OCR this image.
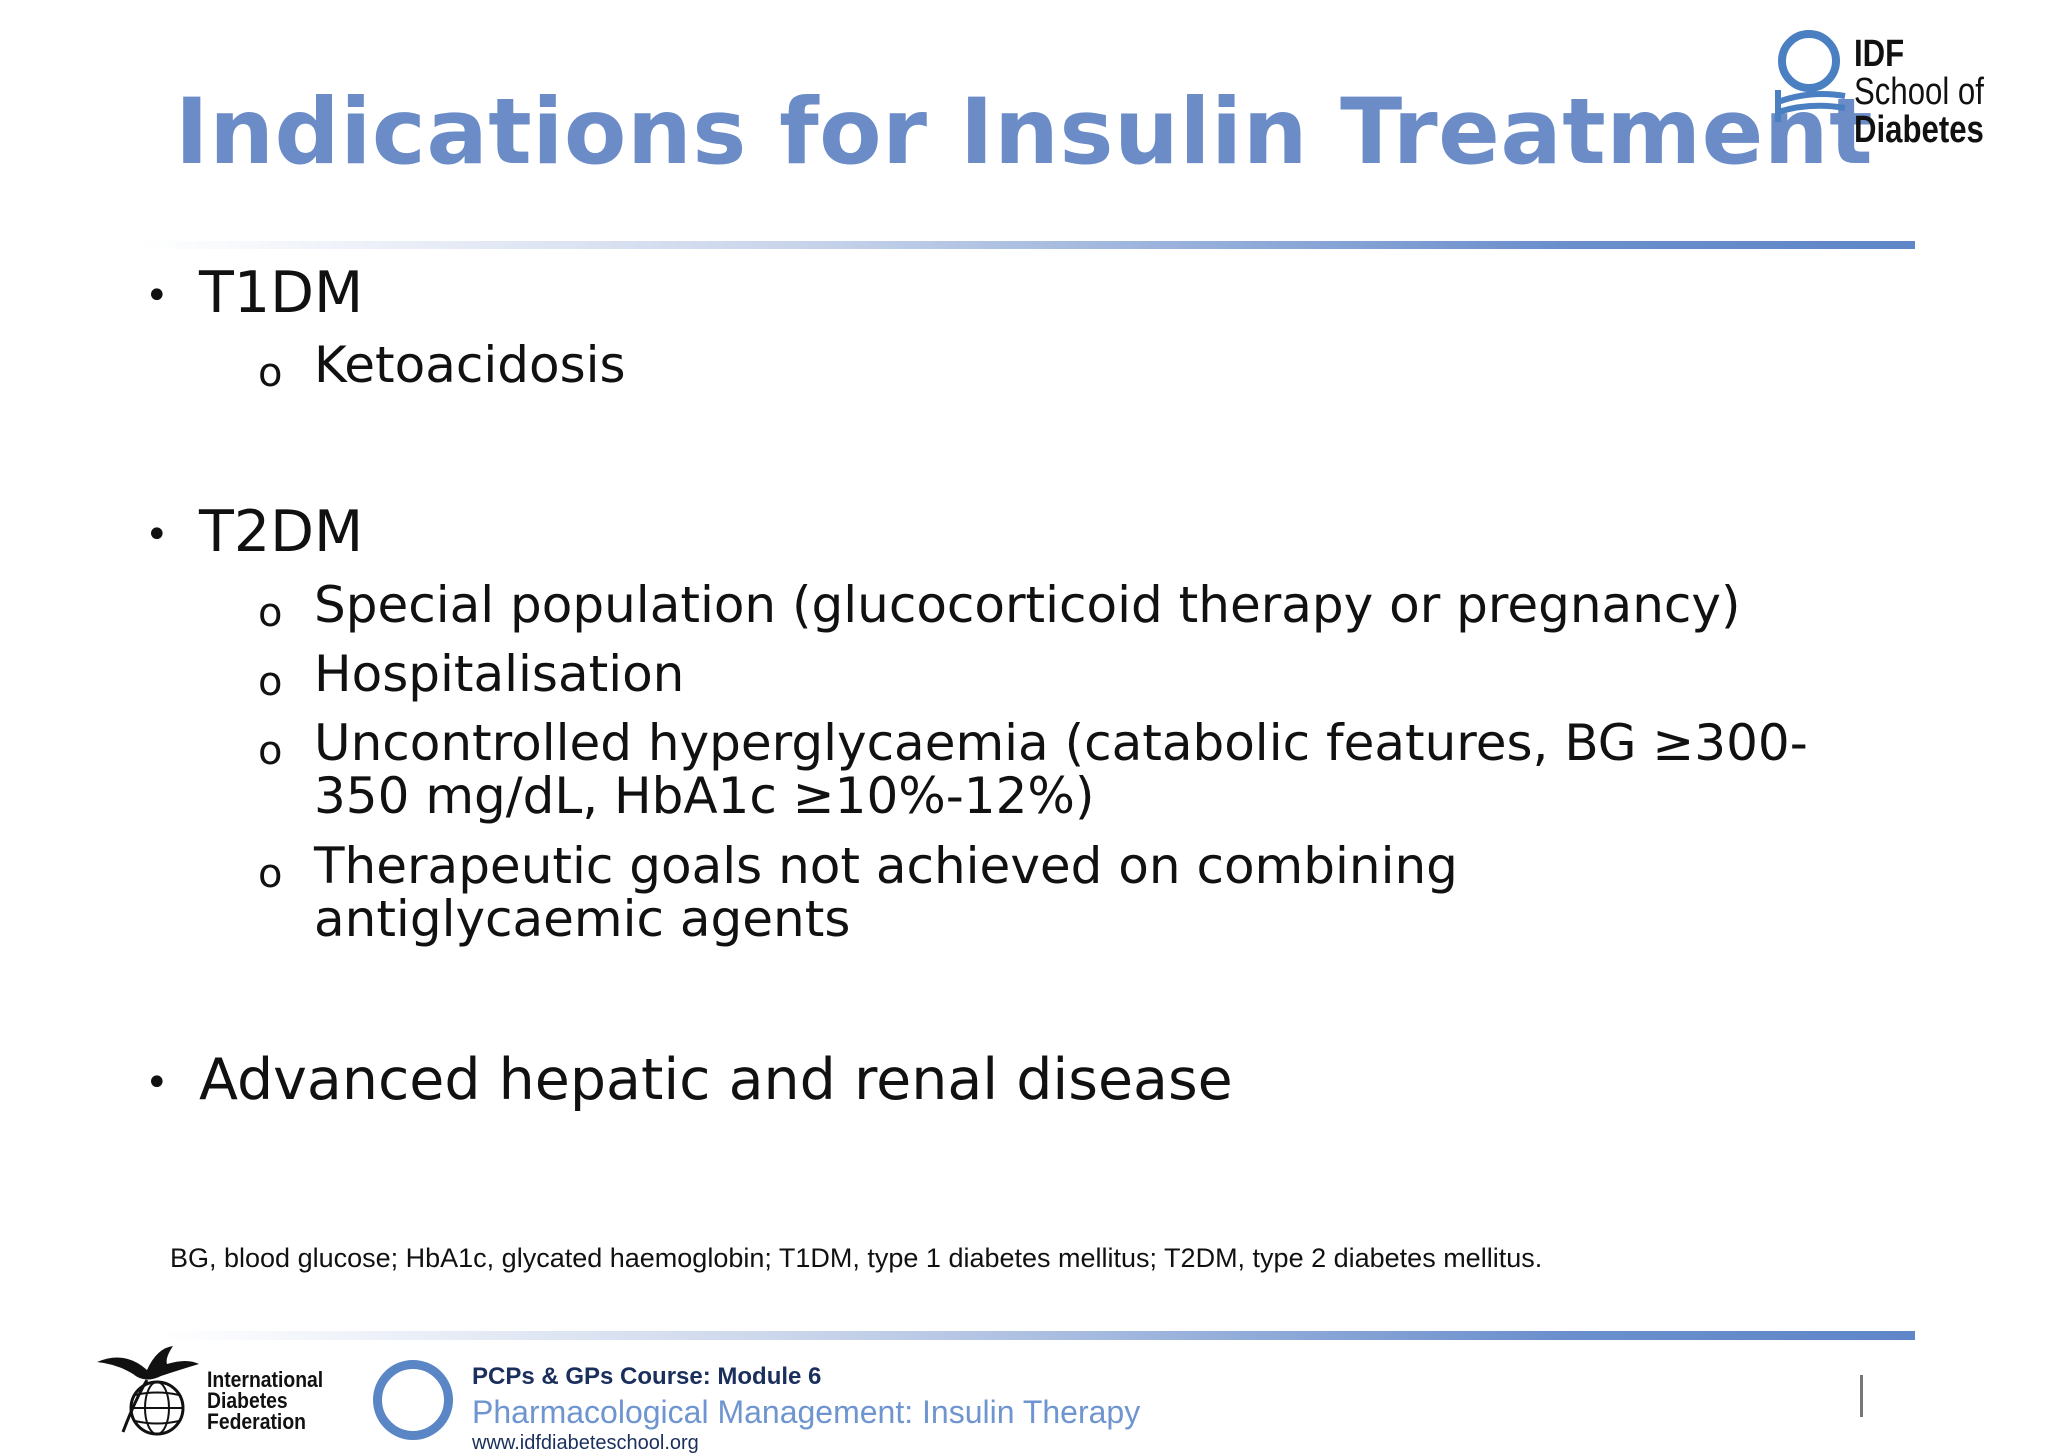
Indications for Insulin Treatment
IDF
School of
Diabetes
• T1DM
o Ketoacidosis
• T2DM
o Special population (glucocorticoid therapy or pregnancy)
o Hospitalisation
o Uncontrolled hyperglycaemia (catabolic features, BG ≥300-350 mg/dL, HbA1c ≥10%-12%)
o Therapeutic goals not achieved on combining antiglycaemic agents
• Advanced hepatic and renal disease
BG, blood glucose; HbA1c, glycated haemoglobin; T1DM, type 1 diabetes mellitus; T2DM, type 2 diabetes mellitus.
International
Diabetes
Federation
PCPs & GPs Course: Module 6
Pharmacological Management: Insulin Therapy
www.idfdiabeteschool.org
